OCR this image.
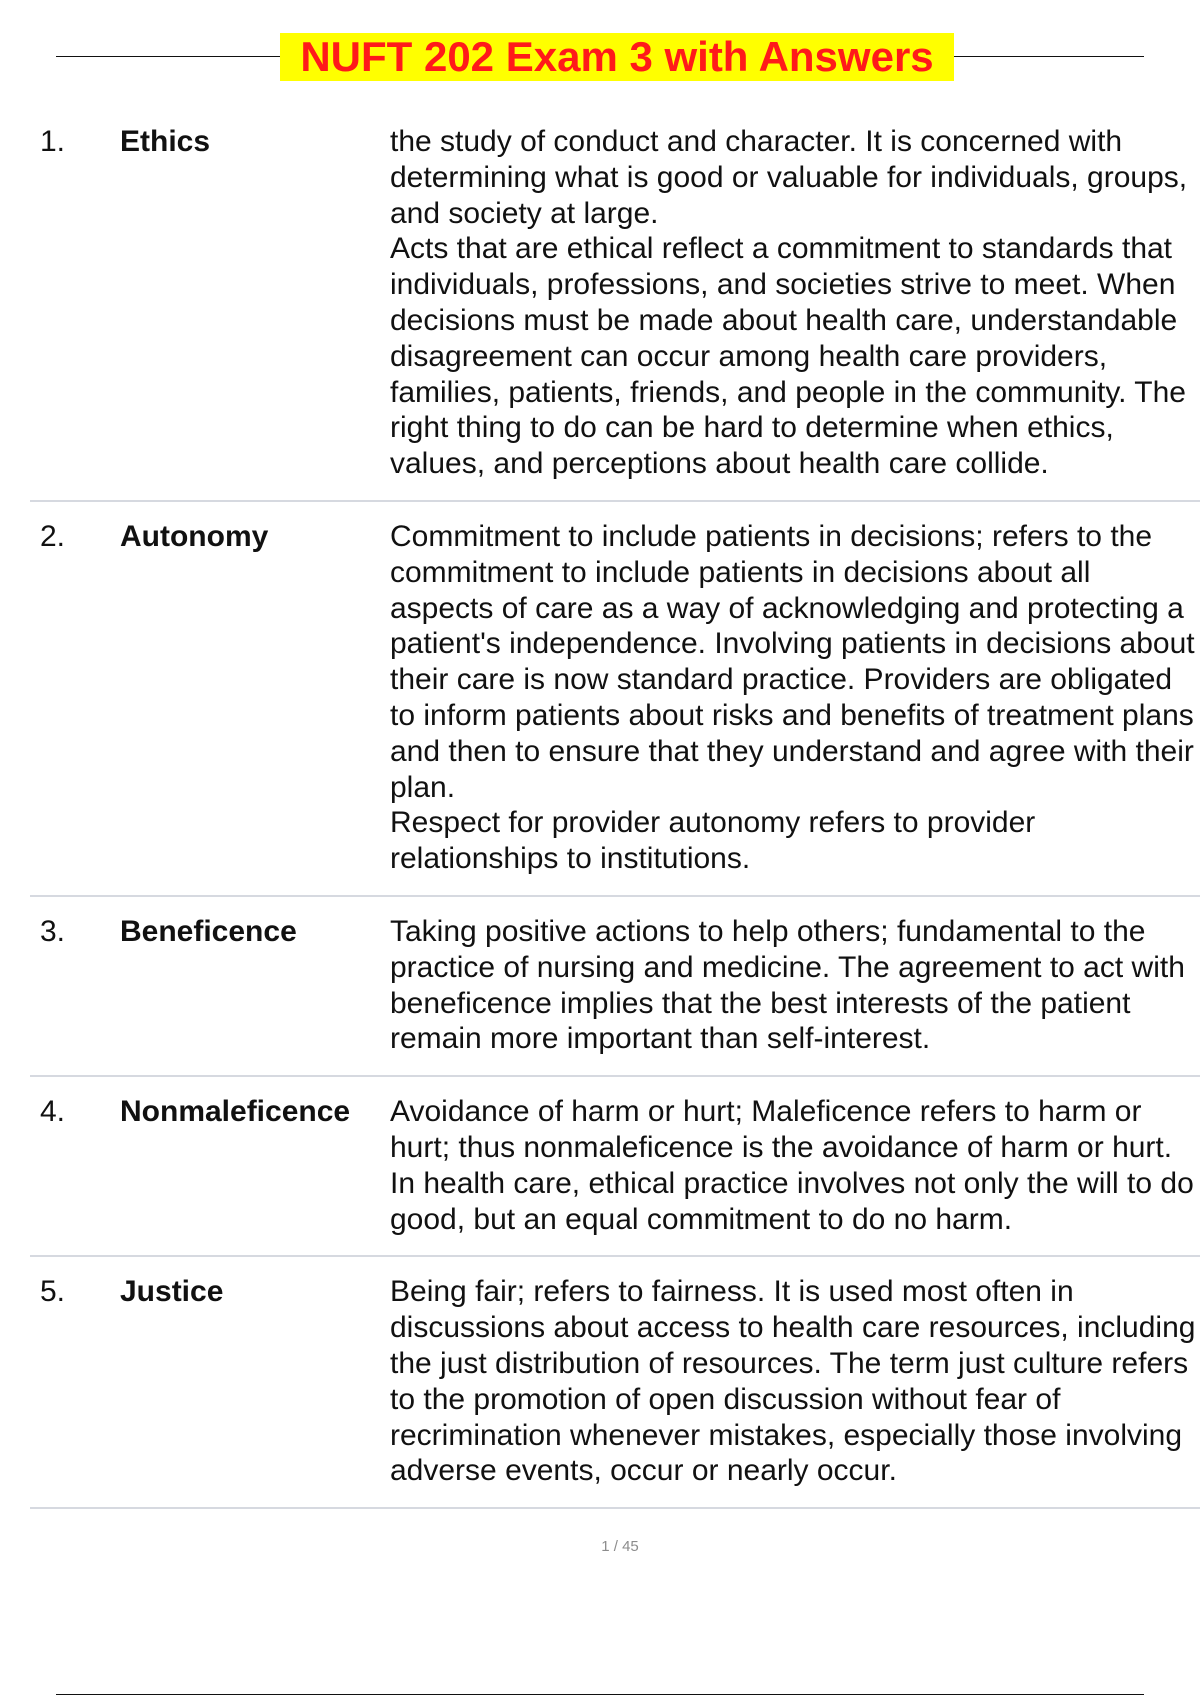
NUFT 202 Exam 3 with Answers
1.	Ethics	the study of conduct and character. It is concerned with determining what is good or valuable for individuals, groups, and society at large.

Acts that are ethical reflect a commitment to standards that individuals, professions, and societies strive to meet. When decisions must be made about health care, understandable disagreement can occur among health care providers, families, patients, friends, and people in the community. The right thing to do can be hard to determine when ethics, values, and perceptions about health care collide.

2.	Autonomy	Commitment to include patients in decisions; refers to the commitment to include patients in decisions about all aspects of care as a way of acknowledging and protecting a patient's independence. Involving patients in decisions about their care is now standard practice. Providers are obligated to inform patients about risks and benefits of treatment plans and then to ensure that they understand and agree with their plan.

Respect for provider autonomy refers to provider relationships to institutions.

3.	Beneficence	Taking positive actions to help others; fundamental to the practice of nursing and medicine. The agreement to act with beneficence implies that the best interests of the patient remain more important than self-interest.

4.	Nonmaleficence	Avoidance of harm or hurt; Maleficence refers to harm or hurt; thus nonmaleficence is the avoidance of harm or hurt. In health care, ethical practice involves not only the will to do good, but an equal commitment to do no harm.

5.	Justice	Being fair; refers to fairness. It is used most often in discussions about access to health care resources, including the just distribution of resources. The term just culture refers to the promotion of open discussion without fear of recrimination whenever mistakes, especially those involving adverse events, occur or nearly occur.

1 / 45
